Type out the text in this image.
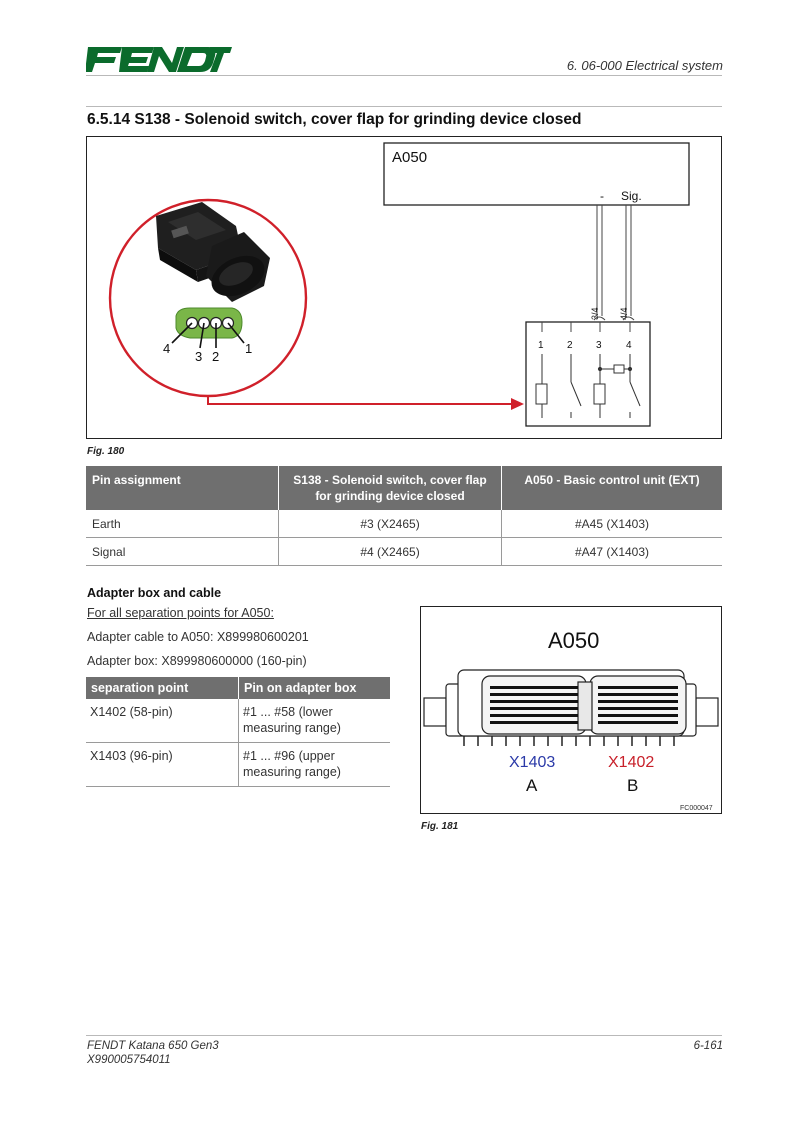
6. 06-000 Electrical system
6.5.14 S138 - Solenoid switch, cover flap for grinding device closed
A050
- Sig.
3/4 4/4
1 2 3 4
4
3 2
1
Fig. 180
Pin assignment	S138 - Solenoid switch, cover flap for grinding device closed	A050 - Basic control unit (EXT)
Earth	#3 (X2465)	#A45 (X1403)
Signal	#4 (X2465)	#A47 (X1403)
Adapter box and cable
For all separation points for A050:
Adapter cable to A050: X899980600201
Adapter box: X899980600000 (160-pin)
separation point	Pin on adapter box
X1402 (58-pin)	#1 ... #58 (lower measuring range)
X1403 (96-pin)	#1 ... #96 (upper measuring range)
A050
X1403	X1402
A	B
FC000047
Fig. 181
FENDT Katana 650 Gen3
X990005754011
6-161
